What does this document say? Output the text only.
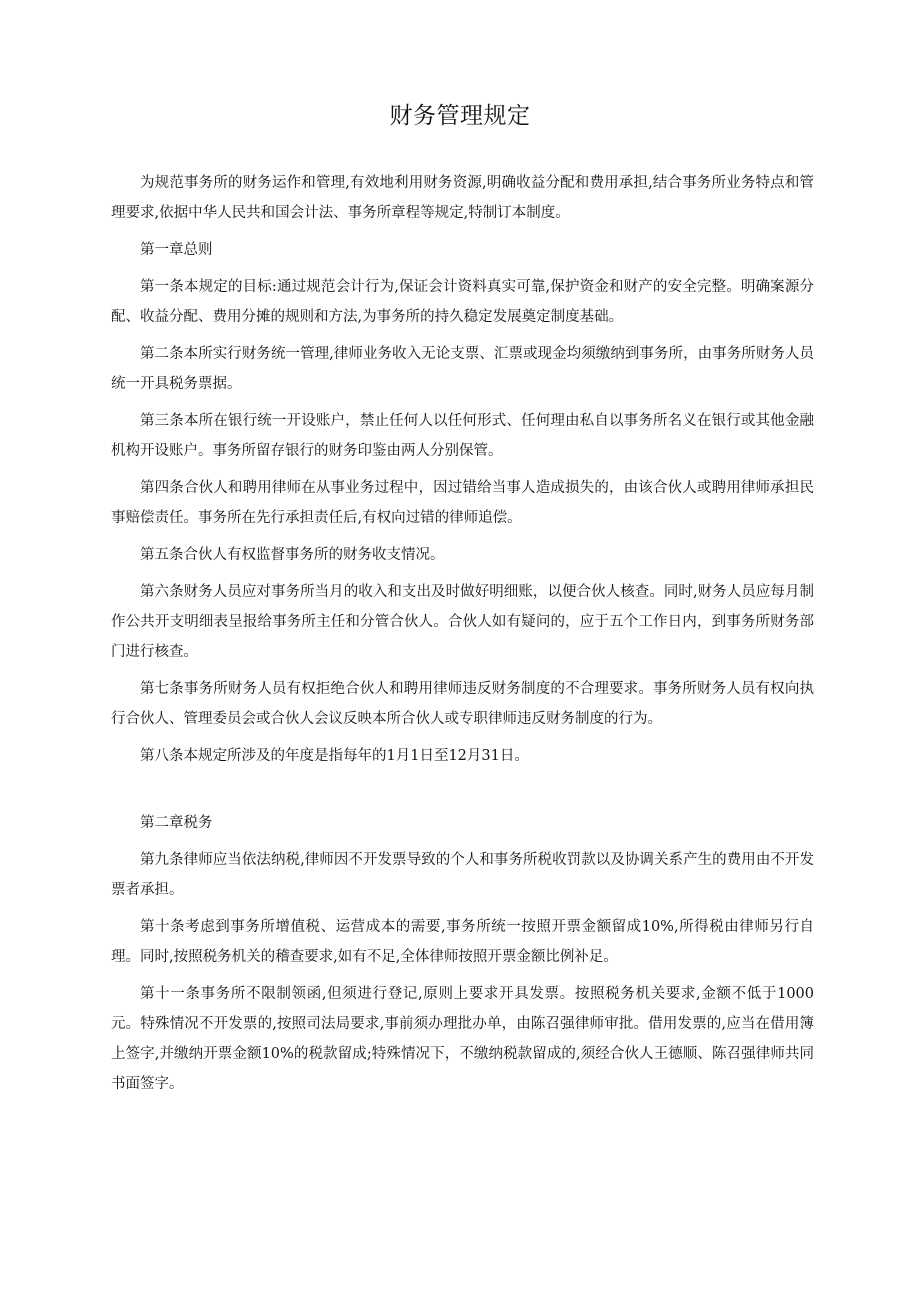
财务管理规定

为规范事务所的财务运作和管理,有效地利用财务资源,明确收益分配和费用承担,结合事务所业务特点和管理要求,依据中华人民共和国会计法、事务所章程等规定,特制订本制度。

第一章总则

第一条本规定的目标:通过规范会计行为,保证会计资料真实可靠,保护资金和财产的安全完整。明确案源分配、收益分配、费用分摊的规则和方法,为事务所的持久稳定发展奠定制度基础。

第二条本所实行财务统一管理,律师业务收入无论支票、汇票或现金均须缴纳到事务所，由事务所财务人员统一开具税务票据。

第三条本所在银行统一开设账户，禁止任何人以任何形式、任何理由私自以事务所名义在银行或其他金融机构开设账户。事务所留存银行的财务印鉴由两人分别保管。

第四条合伙人和聘用律师在从事业务过程中，因过错给当事人造成损失的，由该合伙人或聘用律师承担民事赔偿责任。事务所在先行承担责任后,有权向过错的律师追偿。

第五条合伙人有权监督事务所的财务收支情况。

第六条财务人员应对事务所当月的收入和支出及时做好明细账，以便合伙人核查。同时,财务人员应每月制作公共开支明细表呈报给事务所主任和分管合伙人。合伙人如有疑问的，应于五个工作日内，到事务所财务部门进行核查。

第七条事务所财务人员有权拒绝合伙人和聘用律师违反财务制度的不合理要求。事务所财务人员有权向执行合伙人、管理委员会或合伙人会议反映本所合伙人或专职律师违反财务制度的行为。

第八条本规定所涉及的年度是指每年的1月1日至12月31日。

第二章税务

第九条律师应当依法纳税,律师因不开发票导致的个人和事务所税收罚款以及协调关系产生的费用由不开发票者承担。

第十条考虑到事务所增值税、运营成本的需要,事务所统一按照开票金额留成10%,所得税由律师另行自理。同时,按照税务机关的稽查要求,如有不足,全体律师按照开票金额比例补足。

第十一条事务所不限制领函,但须进行登记,原则上要求开具发票。按照税务机关要求,金额不低于1000元。特殊情况不开发票的,按照司法局要求,事前须办理批办单，由陈召强律师审批。借用发票的,应当在借用簿上签字,并缴纳开票金额10%的税款留成;特殊情况下，不缴纳税款留成的,须经合伙人王德顺、陈召强律师共同书面签字。
